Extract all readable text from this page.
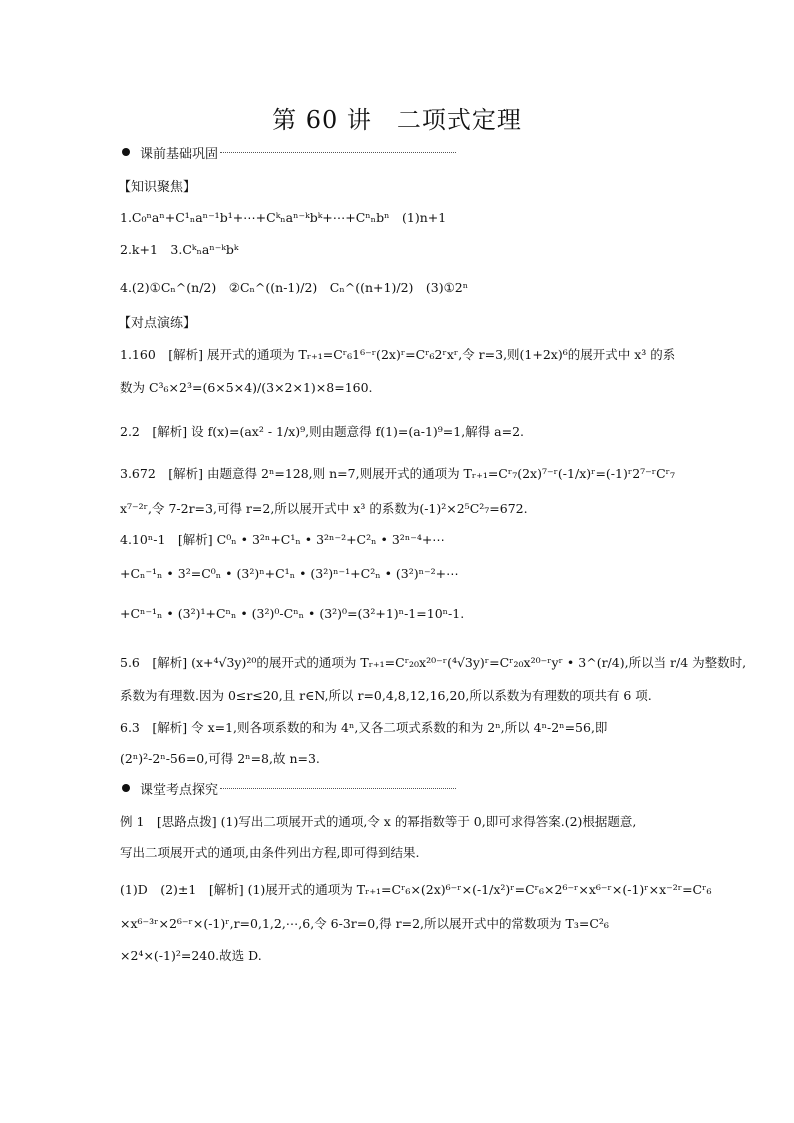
第 60 讲　二项式定理
课前基础巩固
【知识聚焦】
1.C₀ⁿaⁿ+C¹ₙaⁿ⁻¹b¹+⋯+Cᵏₙaⁿ⁻ᵏbᵏ+⋯+Cⁿₙbⁿ　(1)n+1
2.k+1　3.Cᵏₙaⁿ⁻ᵏbᵏ
4.(2)①Cₙ^(n/2)　②Cₙ^((n-1)/2)　Cₙ^((n+1)/2)　(3)①2ⁿ
【对点演练】
1.160　[解析] 展开式的通项为 Tᵣ₊₁=Cʳ₆1⁶⁻ʳ(2x)ʳ=Cʳ₆2ʳxʳ,令 r=3,则(1+2x)⁶的展开式中 x³ 的系
数为 C³₆×2³=(6×5×4)/(3×2×1)×8=160.
2.2　[解析] 设 f(x)=(ax² - 1/x)⁹,则由题意得 f(1)=(a-1)⁹=1,解得 a=2.
3.672　[解析] 由题意得 2ⁿ=128,则 n=7,则展开式的通项为 Tᵣ₊₁=Cʳ₇(2x)⁷⁻ʳ(-1/x)ʳ=(-1)ʳ2⁷⁻ʳCʳ₇
x⁷⁻²ʳ,令 7-2r=3,可得 r=2,所以展开式中 x³ 的系数为(-1)²×2⁵C²₇=672.
4.10ⁿ-1　[解析] C⁰ₙ • 3²ⁿ+C¹ₙ • 3²ⁿ⁻²+C²ₙ • 3²ⁿ⁻⁴+⋯
+Cₙ⁻¹ₙ • 3²=C⁰ₙ • (3²)ⁿ+C¹ₙ • (3²)ⁿ⁻¹+C²ₙ • (3²)ⁿ⁻²+⋯
+Cⁿ⁻¹ₙ • (3²)¹+Cⁿₙ • (3²)⁰-Cⁿₙ • (3²)⁰=(3²+1)ⁿ-1=10ⁿ-1.
5.6　[解析] (x+⁴√3y)²⁰的展开式的通项为 Tᵣ₊₁=Cʳ₂₀x²⁰⁻ʳ(⁴√3y)ʳ=Cʳ₂₀x²⁰⁻ʳyʳ • 3^(r/4),所以当 r/4 为整数时,
系数为有理数.因为 0≤r≤20,且 r∈N,所以 r=0,4,8,12,16,20,所以系数为有理数的项共有 6 项.
6.3　[解析] 令 x=1,则各项系数的和为 4ⁿ,又各二项式系数的和为 2ⁿ,所以 4ⁿ-2ⁿ=56,即
(2ⁿ)²-2ⁿ-56=0,可得 2ⁿ=8,故 n=3.
课堂考点探究
例 1　[思路点拨] (1)写出二项展开式的通项,令 x 的幂指数等于 0,即可求得答案.(2)根据题意,
写出二项展开式的通项,由条件列出方程,即可得到结果.
(1)D　(2)±1　[解析] (1)展开式的通项为 Tᵣ₊₁=Cʳ₆×(2x)⁶⁻ʳ×(-1/x²)ʳ=Cʳ₆×2⁶⁻ʳ×x⁶⁻ʳ×(-1)ʳ×x⁻²ʳ=Cʳ₆
×x⁶⁻³ʳ×2⁶⁻ʳ×(-1)ʳ,r=0,1,2,⋯,6,令 6-3r=0,得 r=2,所以展开式中的常数项为 T₃=C²₆
×2⁴×(-1)²=240.故选 D.
